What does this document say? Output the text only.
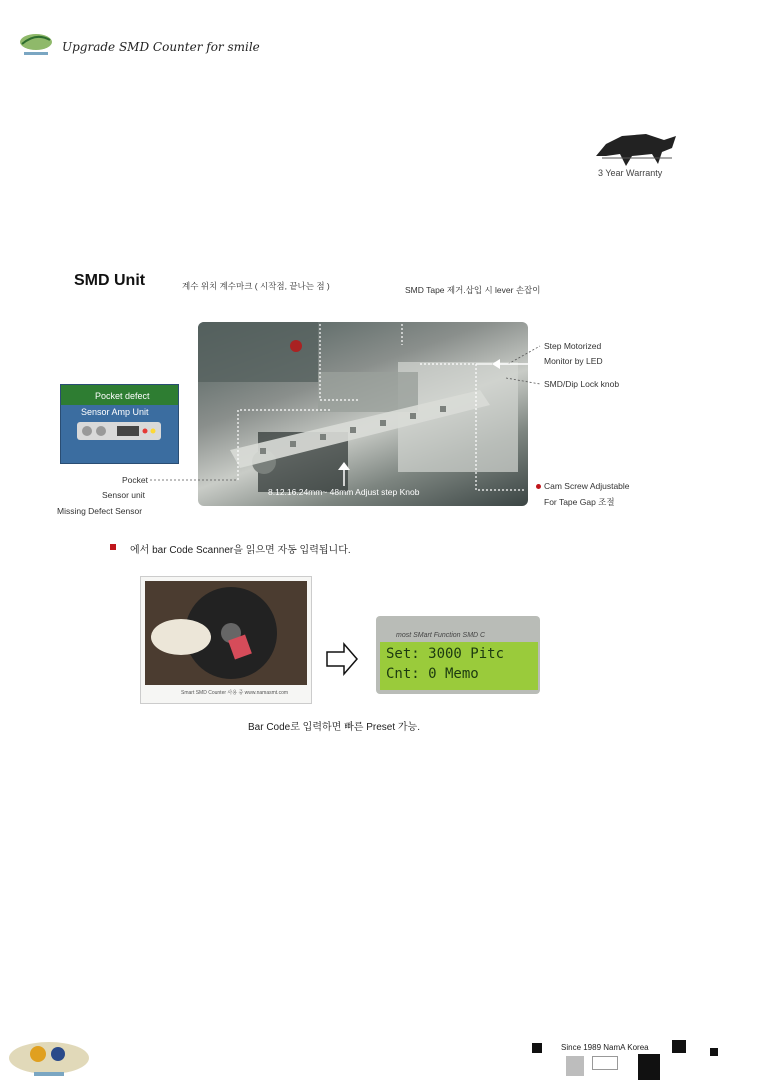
Upgrade SMD Counter for smile
3 Year Warranty
SMD Unit	계수 위치 계수마크 ( 시작점, 끝나는 점 )	SMD Tape 제거.삽입 시 lever 손잡이
Step Motorized
Monitor by LED
SMD/Dip Lock knob
8.12.16.24mm~ 48mm Adjust step Knob
Cam Screw Adjustable
For Tape Gap 조절
Pocket defect
Sensor Amp Unit
Pocket
Sensor unit
Missing Defect Sensor
에서 bar Code Scanner을 읽으면 자동 입력됩니다.
Smart SMD Counter 사용 중 www.namasmt.com
most SMart Function SMD C
Set: 3000 Pitc
Cnt: 0 Memo
Bar Code로 입력하면 빠른 Preset 가능.
Since 1989 NamA Korea
